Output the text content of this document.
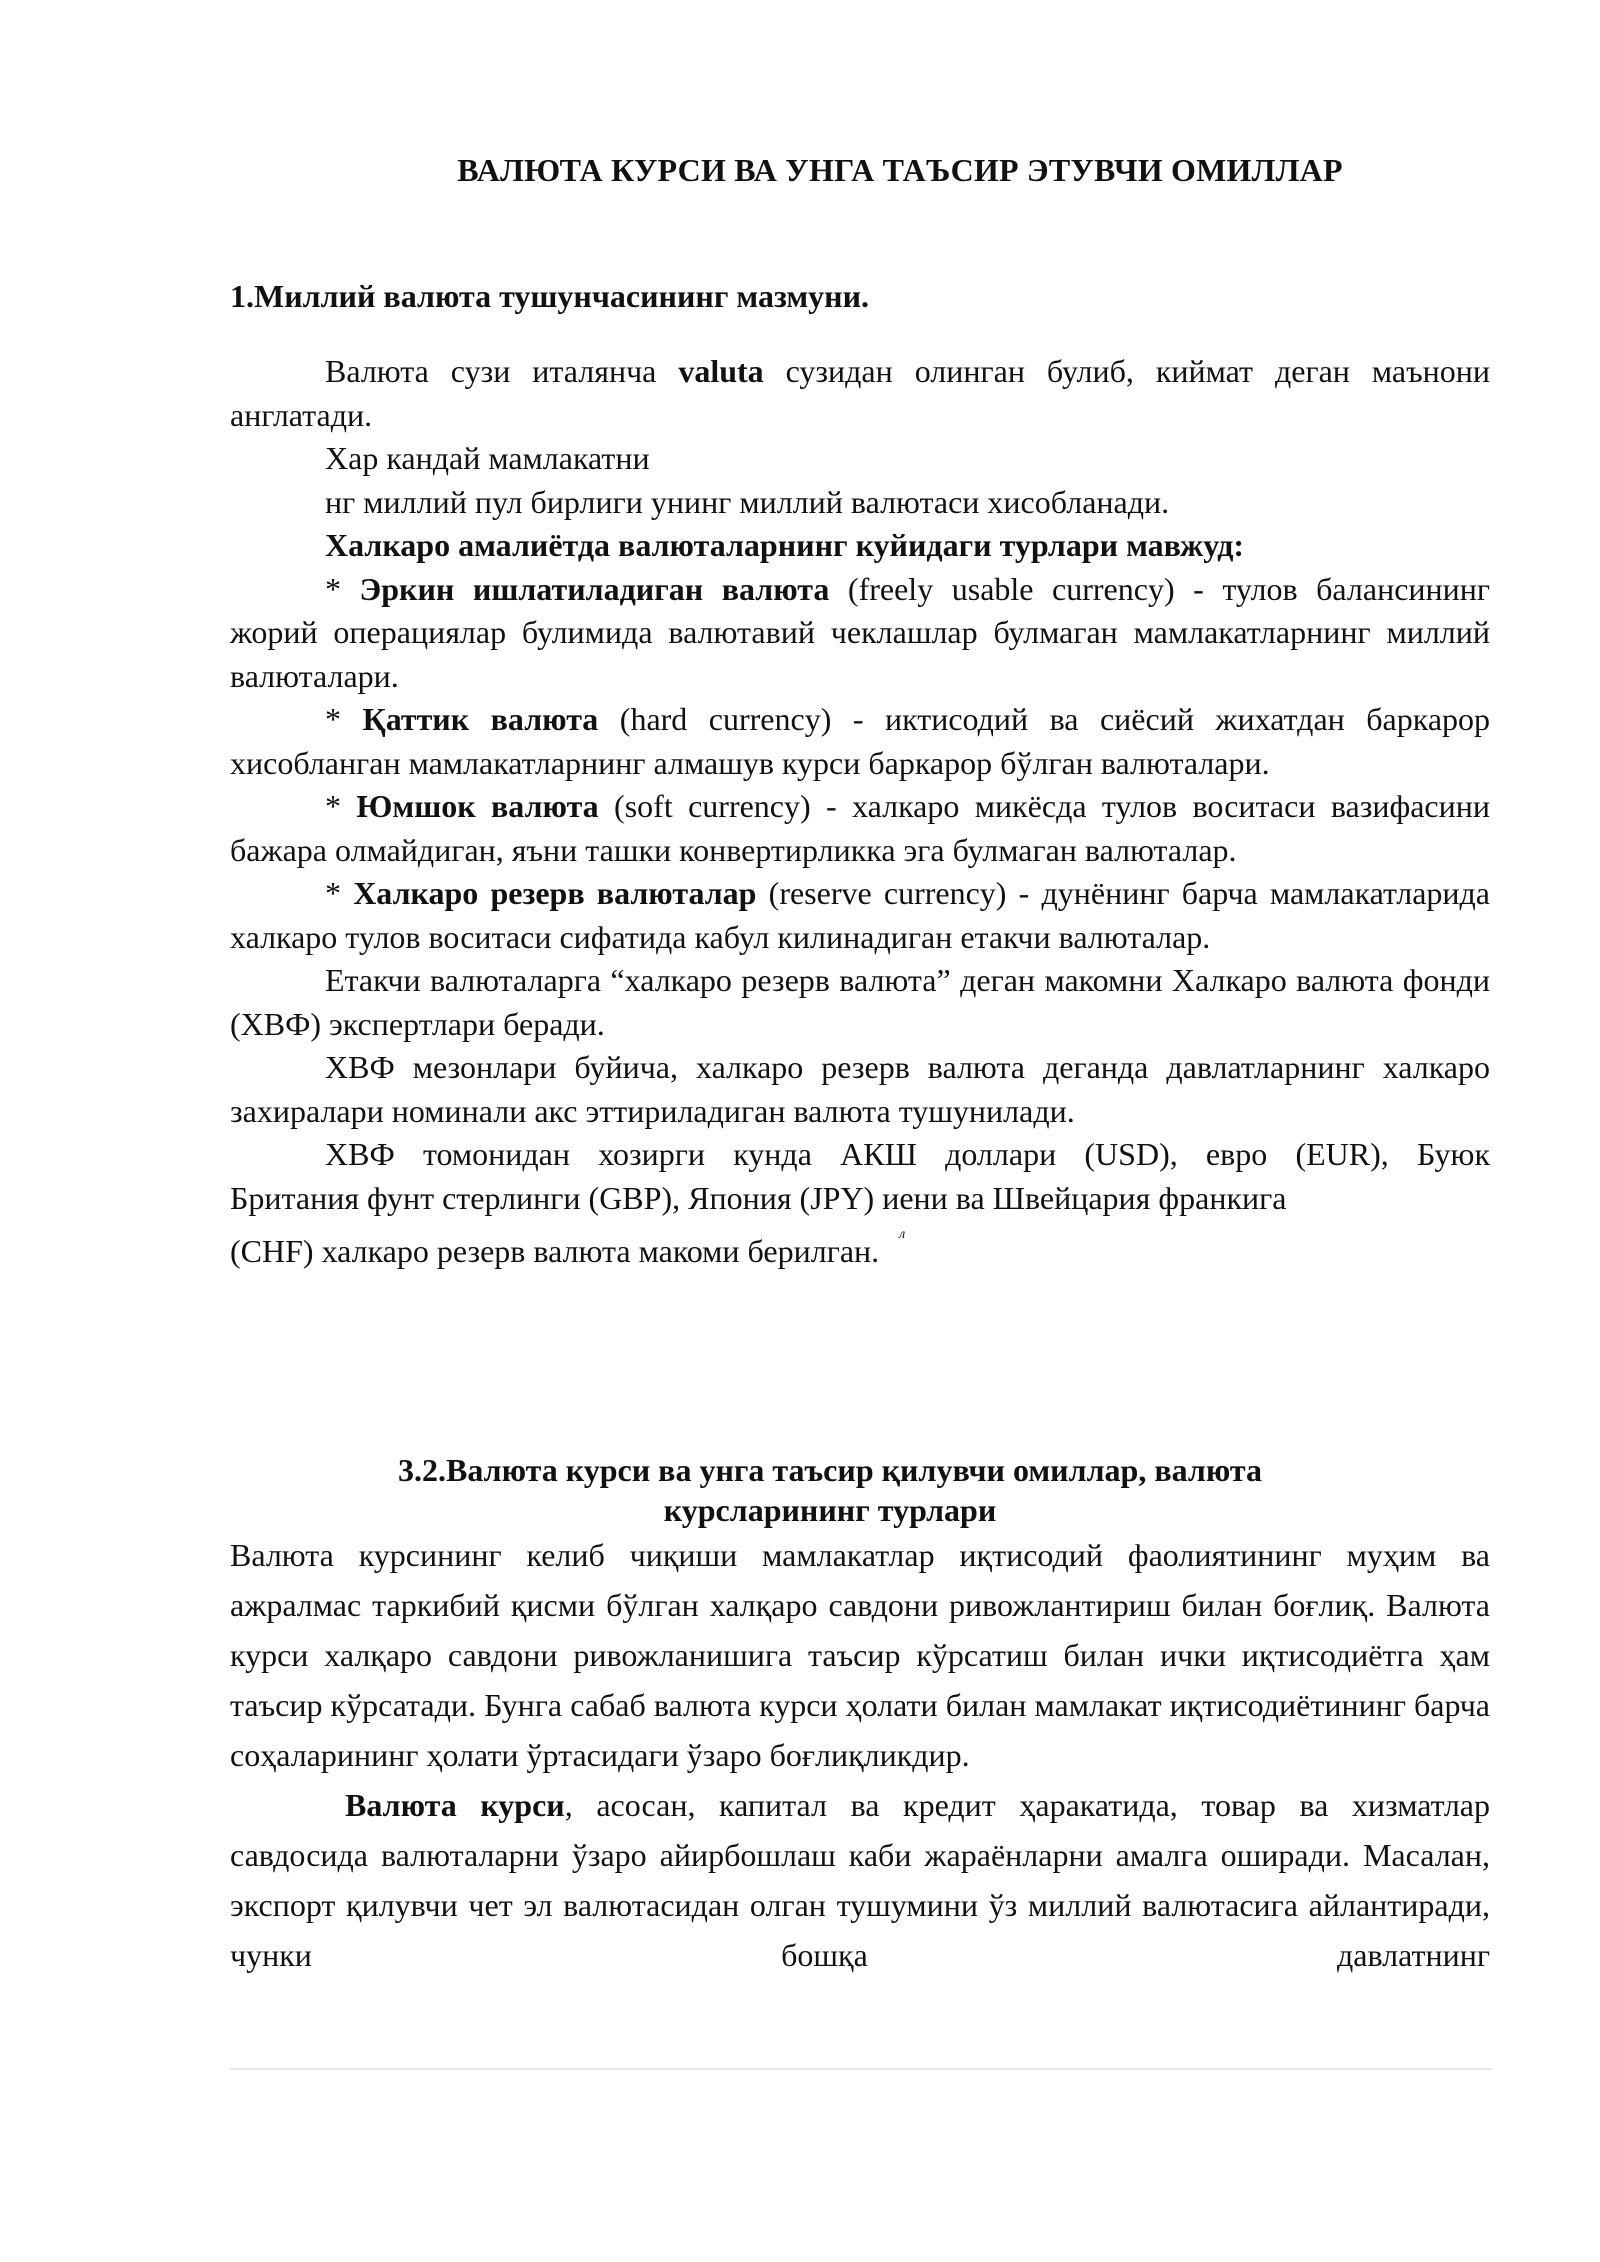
ВАЛЮТА КУРСИ ВА УНГА ТАЪСИР ЭТУВЧИ ОМИЛЛАР
1.Миллий валюта тушунчасининг мазмуни.

Валюта сузи италянча valuta сузидан олинган булиб, киймат деган маънони англатади.

Хар кандай мамлакатни

нг миллий пул бирлиги унинг миллий валютаси хисобланади.

Халкаро амалиётда валюталарнинг куйидаги турлари мавжуд:

* Эркин ишлатиладиган валюта (freely usable currency) - тулов балансининг жорий операциялар булимида валютавий чеклашлар булмаган мамлакатларнинг миллий валюталари.

* Қаттик валюта (hard currency) - иктисодий ва сиёсий жихатдан баркарор хисобланган мамлакатларнинг алмашув курси баркарор бўлган валюталари.

* Юмшок валюта (soft currency) - халкаро микёсда тулов воситаси вазифасини бажара олмайдиган, яъни ташки конвертирликка эга булмаган валюталар.

* Халкаро резерв валюталар (reserve currency) - дунёнинг барча мамлакатларида халкаро тулов воситаси сифатида кабул килинадиган етакчи валюталар.

Етакчи валюталарга “халкаро резерв валюта” деган макомни Халкаро валюта фонди (ХВФ) экспертлари беради.

ХВФ мезонлари буйича, халкаро резерв валюта деганда давлатларнинг халкаро захиралари номинали акс эттириладиган валюта тушунилади.

ХВФ томонидан хозирги кунда АКШ доллари (USD), евро (EUR), Буюк

Британия фунт стерлинги (GBP), Япония (JPY) иени ва Швейцария франкига

(CHF) халкаро резерв валюта макоми берилган. $^л$

3.2.Валюта курси ва унга таъсир қилувчи омиллар, валюта

курсларининг турлари

Валюта курсининг келиб чиқиши мамлакатлар иқтисодий фаолиятининг муҳим ва ажралмас таркибий қисми бўлган халқаро савдони ривожлантириш билан боғлиқ. Валюта курси халқаро савдони ривожланишига таъсир кўрсатиш билан ички иқтисодиётга ҳам таъсир кўрсатади. Бунга сабаб валюта курси ҳолати билан мамлакат иқтисодиётининг барча соҳаларининг ҳолати ўртасидаги ўзаро боғлиқликдир.

Валюта курси, асосан, капитал ва кредит ҳаракатида, товар ва хизматлар савдосида валюталарни ўзаро айирбошлаш каби жараёнларни амалга оширади. Масалан, экспорт қилувчи чет эл валютасидан олган тушумини ўз миллий валютасига айлантиради, чунки бошқа давлатнинг
